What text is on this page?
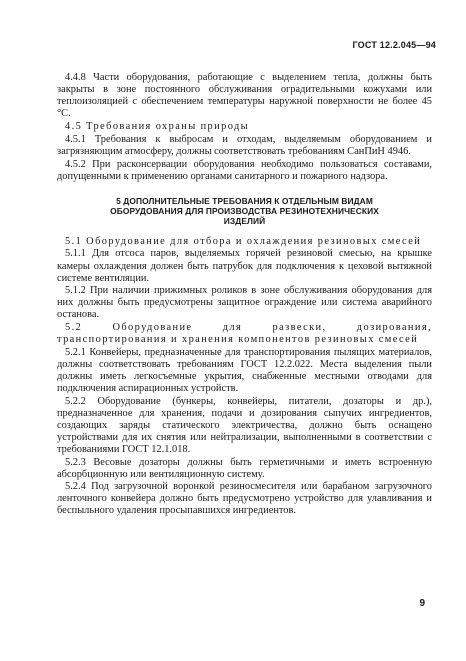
ГОСТ 12.2.045—94

4.4.8 Части оборудования, работающие с выделением тепла, должны быть закрыты в зоне постоянного обслуживания оградительными кожухами или теплоизоляцией с обеспечением температуры наружной поверхности не более 45 °С.

4.5 Требования охраны природы

4.5.1 Требования к выбросам и отходам, выделяемым оборудованием и загрязняющим атмосферу, должны соответствовать требованиям СанПиН 4946.

4.5.2 При расконсервации оборудования необходимо пользоваться составами, допущенными к применению органами санитарного и пожарного надзора.

5 ДОПОЛНИТЕЛЬНЫЕ ТРЕБОВАНИЯ К ОТДЕЛЬНЫМ ВИДАМ
ОБОРУДОВАНИЯ ДЛЯ ПРОИЗВОДСТВА РЕЗИНОТЕХНИЧЕСКИХ
ИЗДЕЛИЙ

5.1 Оборудование для отбора и охлаждения резиновых смесей

5.1.1 Для отсоса паров, выделяемых горячей резиновой смесью, на крышке камеры охлаждения должен быть патрубок для подключения к цеховой вытяжной системе вентиляции.

5.1.2 При наличии прижимных роликов в зоне обслуживания оборудования для них должны быть предусмотрены защитное ограждение или система аварийного останова.

5.2 Оборудование для развески, дозирования, транспортирования и хранения компонентов резиновых смесей

5.2.1 Конвейеры, предназначенные для транспортирования пылящих материалов, должны соответствовать требованиям ГОСТ 12.2.022. Места выделения пыли должны иметь легкосъемные укрытия, снабженные местными отводами для подключения аспирационных устройств.

5.2.2 Оборудование (бункеры, конвейеры, питатели, дозаторы и др.), предназначенное для хранения, подачи и дозирования сыпучих ингредиентов, создающих заряды статического электричества, должно быть оснащено устройствами для их снятия или нейтрализации, выполненными в соответствии с требованиями ГОСТ 12.1.018.

5.2.3 Весовые дозаторы должны быть герметичными и иметь встроенную абсорбционную или вентиляционную систему.

5.2.4 Под загрузочной воронкой резиносмесителя или барабаном загрузочного ленточного конвейера должно быть предусмотрено устройство для улавливания и беспыльного удаления просыпавшихся ингредиентов.

9
